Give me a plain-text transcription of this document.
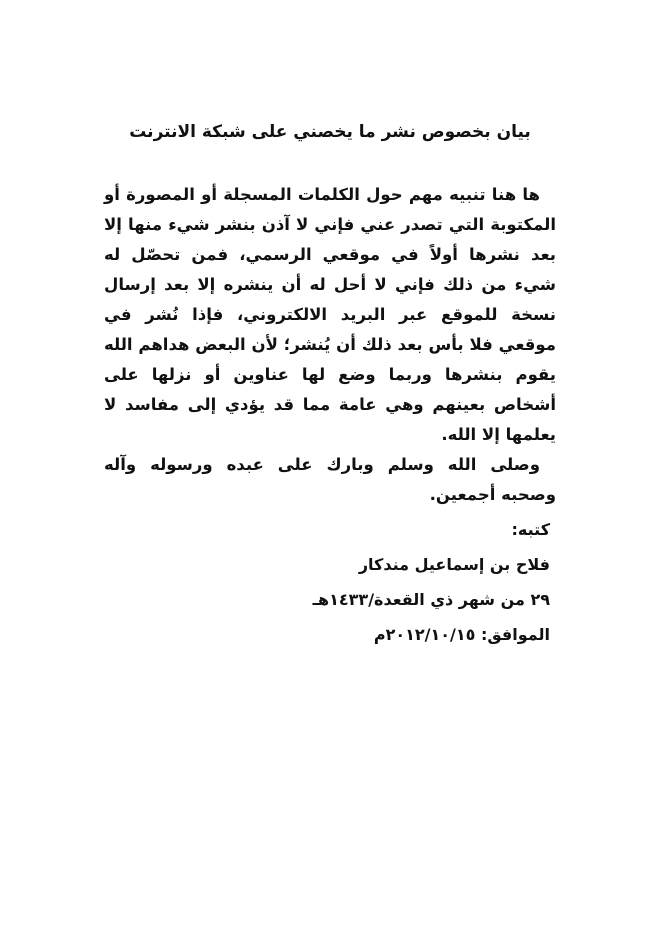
بيان بخصوص نشر ما يخصني على شبكة الانترنت

ها هنا تنبيه مهم حول الكلمات المسجلة أو المصورة أو المكتوبة التي تصدر عني فإني لا آذن بنشر شيء منها إلا بعد نشرها أولاً في موقعي الرسمي، فمن تحصّل له شيء من ذلك فإني لا أحل له أن ينشره إلا بعد إرسال نسخة للموقع عبر البريد الالكتروني، فإذا نُشر في موقعي فلا بأس بعد ذلك أن يُنشر؛ لأن البعض هداهم الله يقوم بنشرها وربما وضع لها عناوين أو نزلها على أشخاص بعينهم وهي عامة مما قد يؤدي إلى مفاسد لا يعلمها إلا الله.

وصلى الله وسلم وبارك على عبده ورسوله وآله وصحبه أجمعين.

كتبه:

فلاح بن إسماعيل مندكار

٢٩ من شهر ذي القعدة/١٤٣٣هـ

الموافق: ٢٠١٢/١٠/١٥م
